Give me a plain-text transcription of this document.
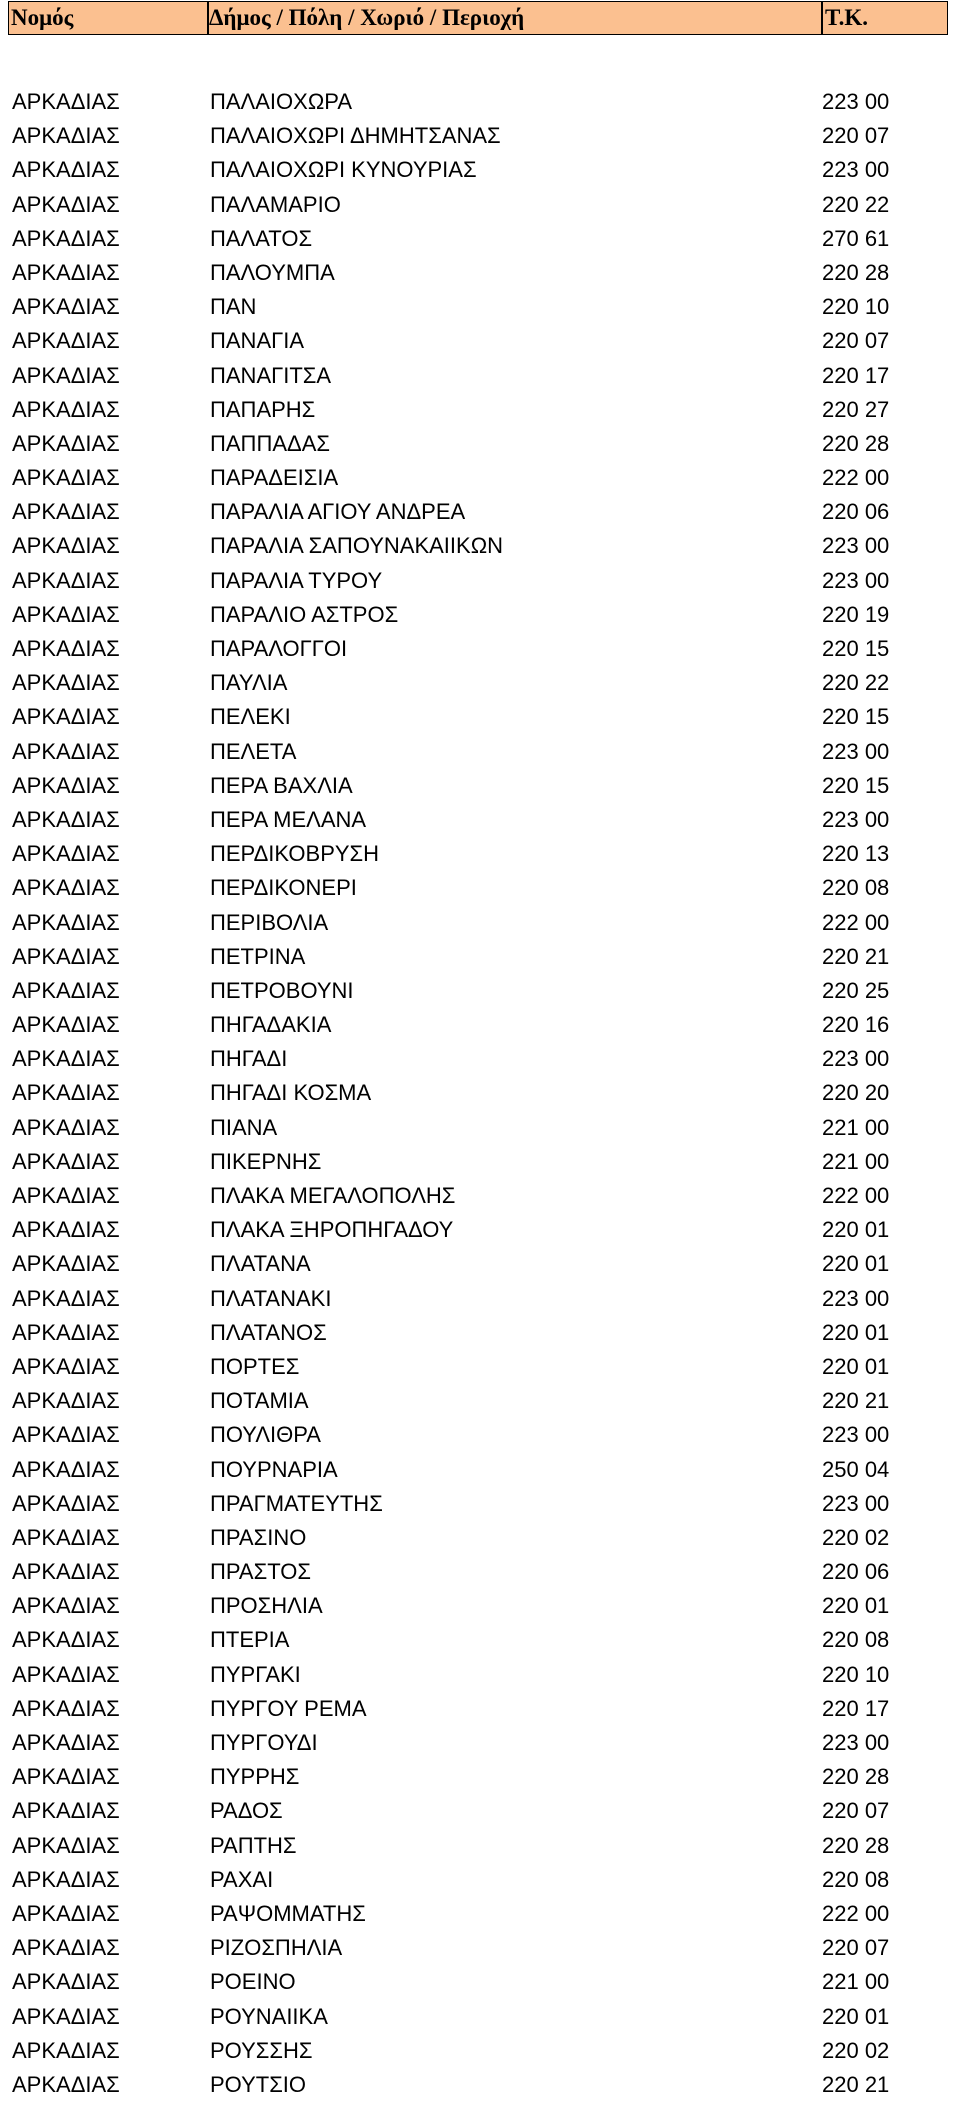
Νομός	Δήμος / Πόλη / Χωριό / Περιοχή	Τ.Κ.
ΑΡΚΑΔΙΑΣ	ΠΑΛΑΙΟΧΩΡΑ	223 00
ΑΡΚΑΔΙΑΣ	ΠΑΛΑΙΟΧΩΡΙ ΔΗΜΗΤΣΑΝΑΣ	220 07
ΑΡΚΑΔΙΑΣ	ΠΑΛΑΙΟΧΩΡΙ ΚΥΝΟΥΡΙΑΣ	223 00
ΑΡΚΑΔΙΑΣ	ΠΑΛΑΜΑΡΙΟ	220 22
ΑΡΚΑΔΙΑΣ	ΠΑΛΑΤΟΣ	270 61
ΑΡΚΑΔΙΑΣ	ΠΑΛΟΥΜΠΑ	220 28
ΑΡΚΑΔΙΑΣ	ΠΑΝ	220 10
ΑΡΚΑΔΙΑΣ	ΠΑΝΑΓΙΑ	220 07
ΑΡΚΑΔΙΑΣ	ΠΑΝΑΓΙΤΣΑ	220 17
ΑΡΚΑΔΙΑΣ	ΠΑΠΑΡΗΣ	220 27
ΑΡΚΑΔΙΑΣ	ΠΑΠΠΑΔΑΣ	220 28
ΑΡΚΑΔΙΑΣ	ΠΑΡΑΔΕΙΣΙΑ	222 00
ΑΡΚΑΔΙΑΣ	ΠΑΡΑΛΙΑ ΑΓΙΟΥ ΑΝΔΡΕΑ	220 06
ΑΡΚΑΔΙΑΣ	ΠΑΡΑΛΙΑ ΣΑΠΟΥΝΑΚΑΙΙΚΩΝ	223 00
ΑΡΚΑΔΙΑΣ	ΠΑΡΑΛΙΑ ΤΥΡΟΥ	223 00
ΑΡΚΑΔΙΑΣ	ΠΑΡΑΛΙΟ ΑΣΤΡΟΣ	220 19
ΑΡΚΑΔΙΑΣ	ΠΑΡΑΛΟΓΓΟΙ	220 15
ΑΡΚΑΔΙΑΣ	ΠΑΥΛΙΑ	220 22
ΑΡΚΑΔΙΑΣ	ΠΕΛΕΚΙ	220 15
ΑΡΚΑΔΙΑΣ	ΠΕΛΕΤΑ	223 00
ΑΡΚΑΔΙΑΣ	ΠΕΡΑ ΒΑΧΛΙΑ	220 15
ΑΡΚΑΔΙΑΣ	ΠΕΡΑ ΜΕΛΑΝΑ	223 00
ΑΡΚΑΔΙΑΣ	ΠΕΡΔΙΚΟΒΡΥΣΗ	220 13
ΑΡΚΑΔΙΑΣ	ΠΕΡΔΙΚΟΝΕΡΙ	220 08
ΑΡΚΑΔΙΑΣ	ΠΕΡΙΒΟΛΙΑ	222 00
ΑΡΚΑΔΙΑΣ	ΠΕΤΡΙΝΑ	220 21
ΑΡΚΑΔΙΑΣ	ΠΕΤΡΟΒΟΥΝΙ	220 25
ΑΡΚΑΔΙΑΣ	ΠΗΓΑΔΑΚΙΑ	220 16
ΑΡΚΑΔΙΑΣ	ΠΗΓΑΔΙ	223 00
ΑΡΚΑΔΙΑΣ	ΠΗΓΑΔΙ ΚΟΣΜΑ	220 20
ΑΡΚΑΔΙΑΣ	ΠΙΑΝΑ	221 00
ΑΡΚΑΔΙΑΣ	ΠΙΚΕΡΝΗΣ	221 00
ΑΡΚΑΔΙΑΣ	ΠΛΑΚΑ ΜΕΓΑΛΟΠΟΛΗΣ	222 00
ΑΡΚΑΔΙΑΣ	ΠΛΑΚΑ ΞΗΡΟΠΗΓΑΔΟΥ	220 01
ΑΡΚΑΔΙΑΣ	ΠΛΑΤΑΝΑ	220 01
ΑΡΚΑΔΙΑΣ	ΠΛΑΤΑΝΑΚΙ	223 00
ΑΡΚΑΔΙΑΣ	ΠΛΑΤΑΝΟΣ	220 01
ΑΡΚΑΔΙΑΣ	ΠΟΡΤΕΣ	220 01
ΑΡΚΑΔΙΑΣ	ΠΟΤΑΜΙΑ	220 21
ΑΡΚΑΔΙΑΣ	ΠΟΥΛΙΘΡΑ	223 00
ΑΡΚΑΔΙΑΣ	ΠΟΥΡΝΑΡΙΑ	250 04
ΑΡΚΑΔΙΑΣ	ΠΡΑΓΜΑΤΕΥΤΗΣ	223 00
ΑΡΚΑΔΙΑΣ	ΠΡΑΣΙΝΟ	220 02
ΑΡΚΑΔΙΑΣ	ΠΡΑΣΤΟΣ	220 06
ΑΡΚΑΔΙΑΣ	ΠΡΟΣΗΛΙΑ	220 01
ΑΡΚΑΔΙΑΣ	ΠΤΕΡΙΑ	220 08
ΑΡΚΑΔΙΑΣ	ΠΥΡΓΑΚΙ	220 10
ΑΡΚΑΔΙΑΣ	ΠΥΡΓΟΥ ΡΕΜΑ	220 17
ΑΡΚΑΔΙΑΣ	ΠΥΡΓΟΥΔΙ	223 00
ΑΡΚΑΔΙΑΣ	ΠΥΡΡΗΣ	220 28
ΑΡΚΑΔΙΑΣ	ΡΑΔΟΣ	220 07
ΑΡΚΑΔΙΑΣ	ΡΑΠΤΗΣ	220 28
ΑΡΚΑΔΙΑΣ	ΡΑΧΑΙ	220 08
ΑΡΚΑΔΙΑΣ	ΡΑΨΟΜΜΑΤΗΣ	222 00
ΑΡΚΑΔΙΑΣ	ΡΙΖΟΣΠΗΛΙΑ	220 07
ΑΡΚΑΔΙΑΣ	ΡΟΕΙΝΟ	221 00
ΑΡΚΑΔΙΑΣ	ΡΟΥΝΑΙΙΚΑ	220 01
ΑΡΚΑΔΙΑΣ	ΡΟΥΣΣΗΣ	220 02
ΑΡΚΑΔΙΑΣ	ΡΟΥΤΣΙΟ	220 21
